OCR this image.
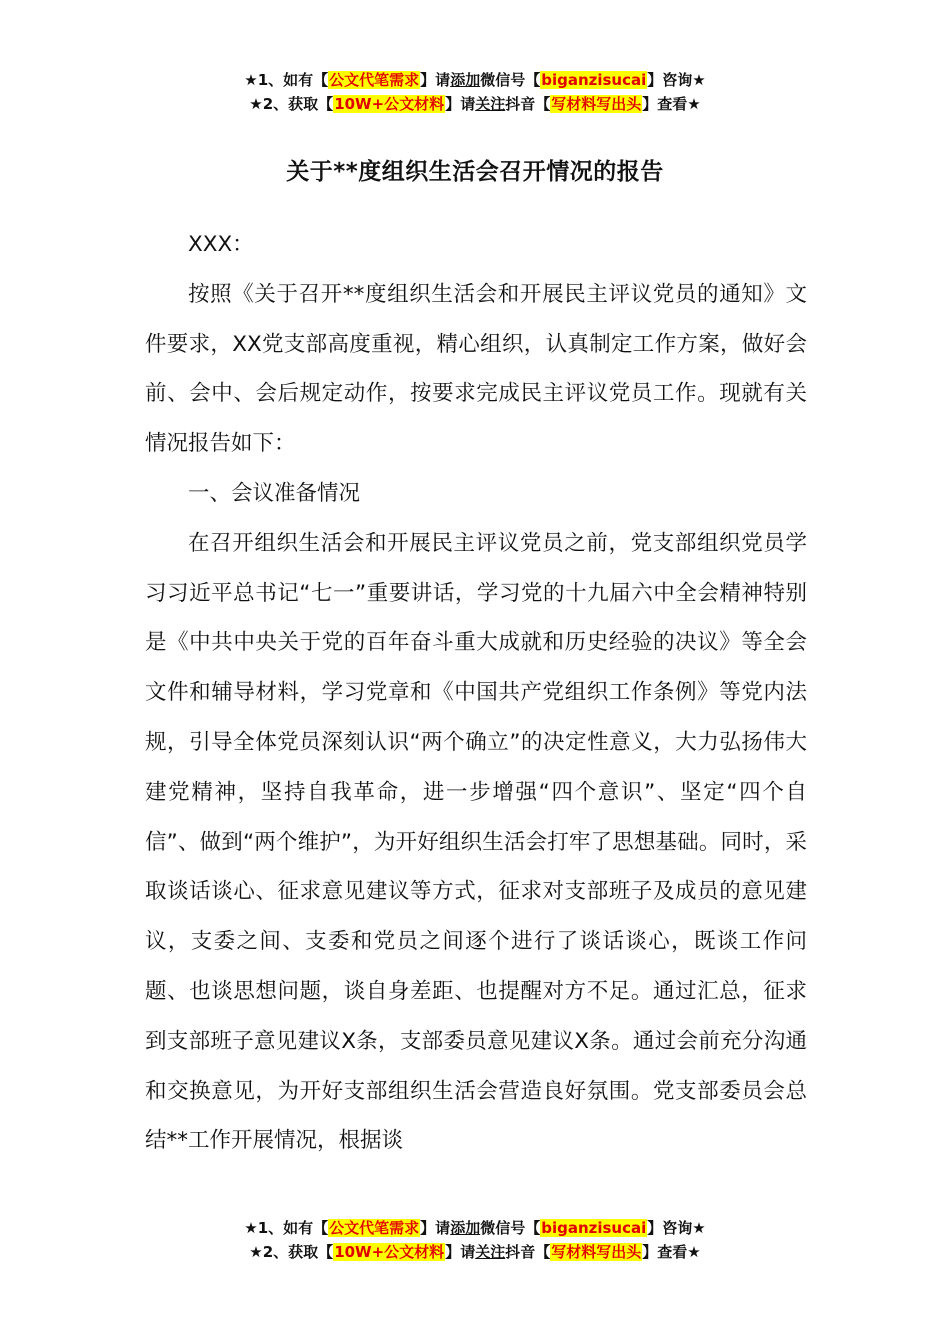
★1、如有【公文代笔需求】请添加微信号【biganzisucai】咨询★
★2、获取【10W+公文材料】请关注抖音【写材料写出头】查看★
关于**度组织生活会召开情况的报告

XXX：

按照《关于召开**度组织生活会和开展民主评议党员的通知》文件要求，XX党支部高度重视，精心组织，认真制定工作方案，做好会前、会中、会后规定动作，按要求完成民主评议党员工作。现就有关情况报告如下：

一、会议准备情况

在召开组织生活会和开展民主评议党员之前，党支部组织党员学习习近平总书记“七一”重要讲话，学习党的十九届六中全会精神特别是《中共中央关于党的百年奋斗重大成就和历史经验的决议》等全会文件和辅导材料，学习党章和《中国共产党组织工作条例》等党内法规，引导全体党员深刻认识“两个确立”的决定性意义，大力弘扬伟大建党精神，坚持自我革命，进一步增强“四个意识”、坚定“四个自信”、做到“两个维护”，为开好组织生活会打牢了思想基础。同时，采取谈话谈心、征求意见建议等方式，征求对支部班子及成员的意见建议，支委之间、支委和党员之间逐个进行了谈话谈心，既谈工作问题、也谈思想问题，谈自身差距、也提醒对方不足。通过汇总，征求到支部班子意见建议X条，支部委员意见建议X条。通过会前充分沟通和交换意见，为开好支部组织生活会营造良好氛围。党支部委员会总结**工作开展情况，根据谈

★1、如有【公文代笔需求】请添加微信号【biganzisucai】咨询★
★2、获取【10W+公文材料】请关注抖音【写材料写出头】查看★
